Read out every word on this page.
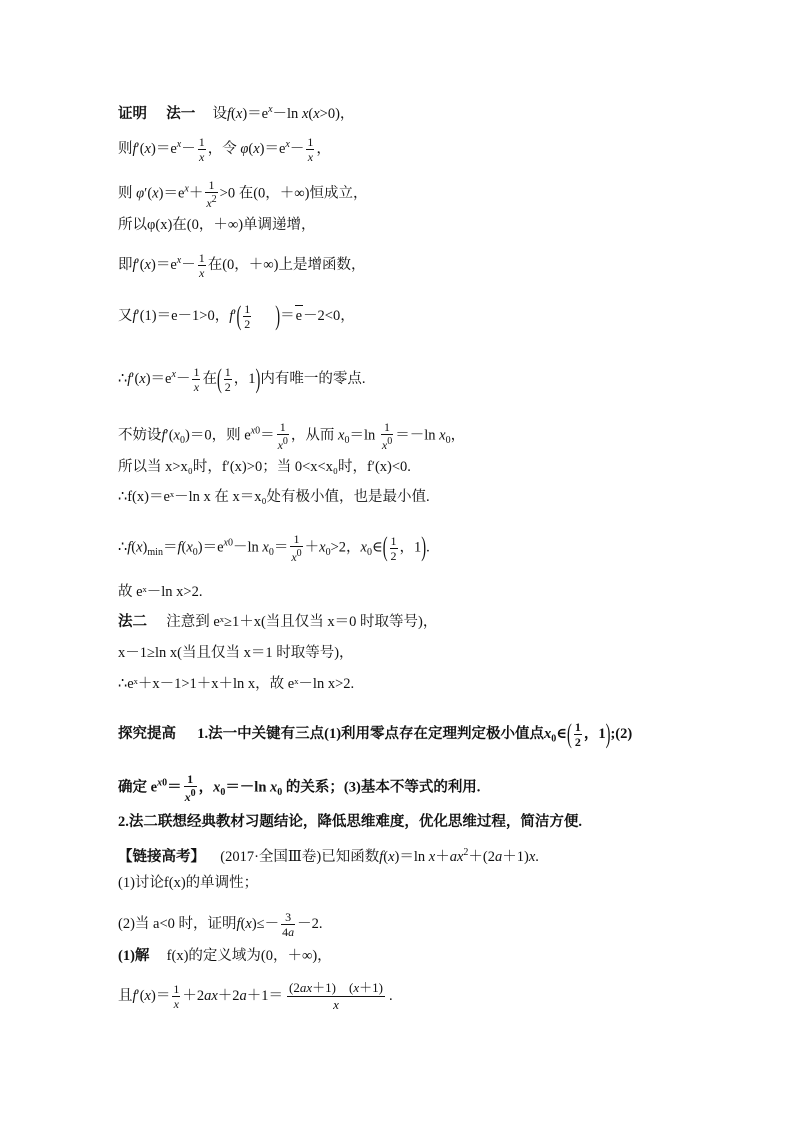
证明 法一 设$f(x)=e^x-\ln$ x(x>0)，
则$f'(x)=e^x- \frac{1}{x}$ ，令 $\varphi(x)=e^x- \frac{1}{x}$ ，
则 $\varphi'(x)=e^x+ \frac{1}{x^2} >0$ 在(0，＋∞)恒成立，
所以φ(x)在(0，＋∞)单调递增，
即$f'(x)=e^x- \frac{1}{x}$ 在(0，＋∞)上是增函数，
又f′(1)＝e－1>0，$f'( \frac{1}{2} )=e-2<0$，
$\therefore f'(x)=e^x- \frac{1}{x}$ 在( $\frac{1}{2}$ ，1)内有唯一的零点.
不妨设$f'(x_0)=0$，则 $e^{x0}= \frac{1}{x^0}$ ，从而 $x_0=\ln \frac{1}{x^0} =-\ln$ $x_0$，
所以当 x>x₀时，f′(x)>0；当 0<x<x₀时，f′(x)<0.
∴f(x)＝eˣ－ln x 在 x＝x₀处有极小值，也是最小值.
$\therefore f(x)_{min}=f(x_0)=e^{x0}-\ln$ $x_0= \frac{1}{x^0} +x_0>2$，$x_0\in( \frac{1}{2}$ ，1).
故 eˣ－ln x>2.
法二 注意到 eˣ≥1＋x(当且仅当 x＝0 时取等号)，
x－1≥ln x(当且仅当 x＝1 时取等号)，
∴eˣ＋x－1>1＋x＋ln x，故 eˣ－ln x>2.
探究提高 1.法一中关键有三点(1)利用零点存在定理判定极小值点$x_0\in( \frac{1}{2}$ ，1);(2)
确定 $e^{x0}= \frac{1}{x^0}$ ，$x_0=-\ln$ $x_0$ 的关系；(3)基本不等式的利用.
2.法二联想经典教材习题结论，降低思维难度，优化思维过程，简洁方便.
【链接高考】 (2017·全国Ⅲ卷)已知函数f(x)＝ln $x+ax^2+(2a+1)x$.
(1)讨论f(x)的单调性；
(2)当 a<0 时，证明$f(x)\le- \frac{3}{4a} -2$.
(1)解 f(x)的定义域为(0，＋∞)，
且$f'(x)= \frac{1}{x} +2ax+2a+1= \frac{(2ax+1) (x+1)}{x}$ .
